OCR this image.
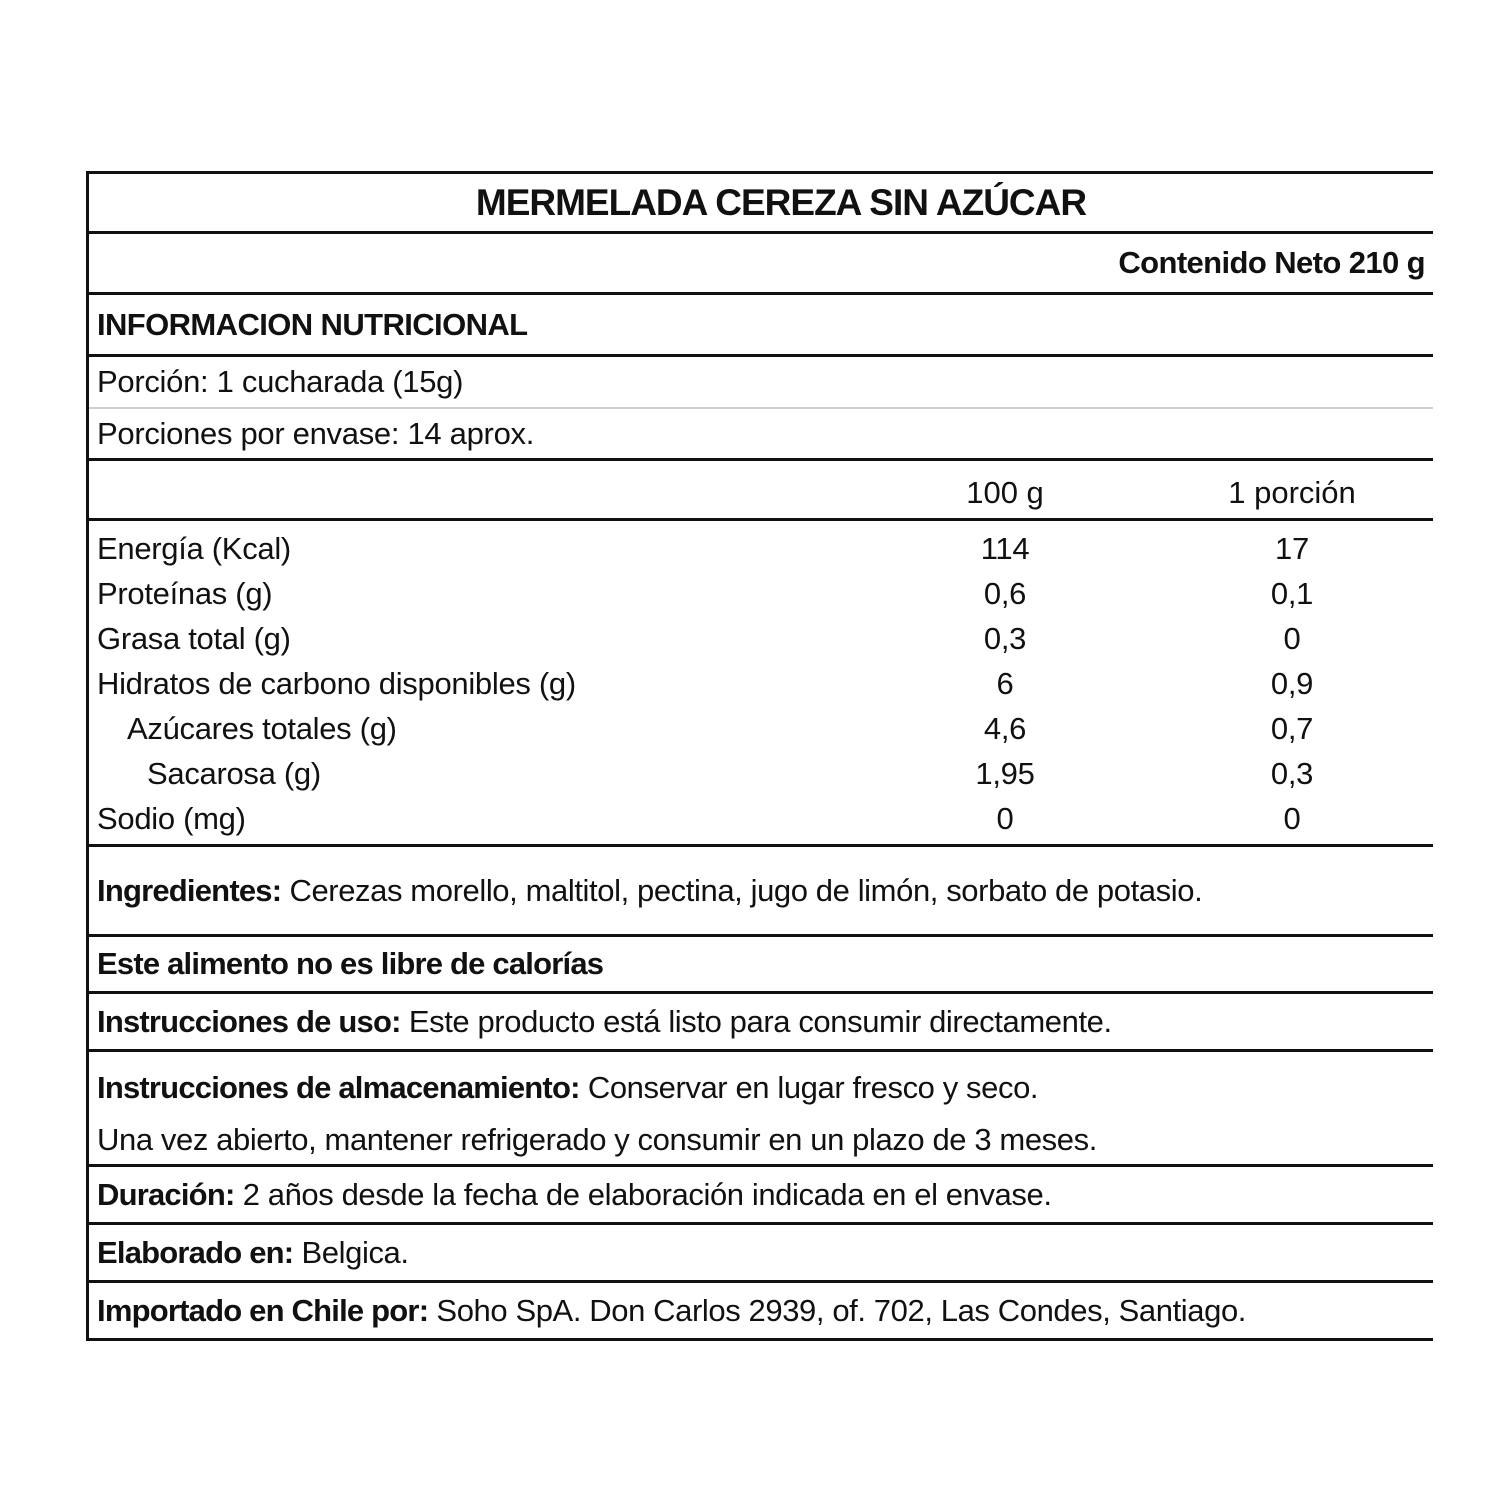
MERMELADA CEREZA SIN AZÚCAR
Contenido Neto 210 g
INFORMACION NUTRICIONAL
Porción: 1 cucharada (15g)
Porciones por envase: 14 aprox.
100 g	1 porción
Energía (Kcal)	114	17
Proteínas (g)	0,6	0,1
Grasa total (g)	0,3	0
Hidratos de carbono disponibles (g)	6	0,9
Azúcares totales (g)	4,6	0,7
Sacarosa (g)	1,95	0,3
Sodio (mg)	0	0
Ingredientes: Cerezas morello, maltitol, pectina, jugo de limón, sorbato de potasio.
Este alimento no es libre de calorías
Instrucciones de uso: Este producto está listo para consumir directamente.
Instrucciones de almacenamiento: Conservar en lugar fresco y seco.
Una vez abierto, mantener refrigerado y consumir en un plazo de 3 meses.
Duración: 2 años desde la fecha de elaboración indicada en el envase.
Elaborado en: Belgica.
Importado en Chile por: Soho SpA. Don Carlos 2939, of. 702, Las Condes, Santiago.
